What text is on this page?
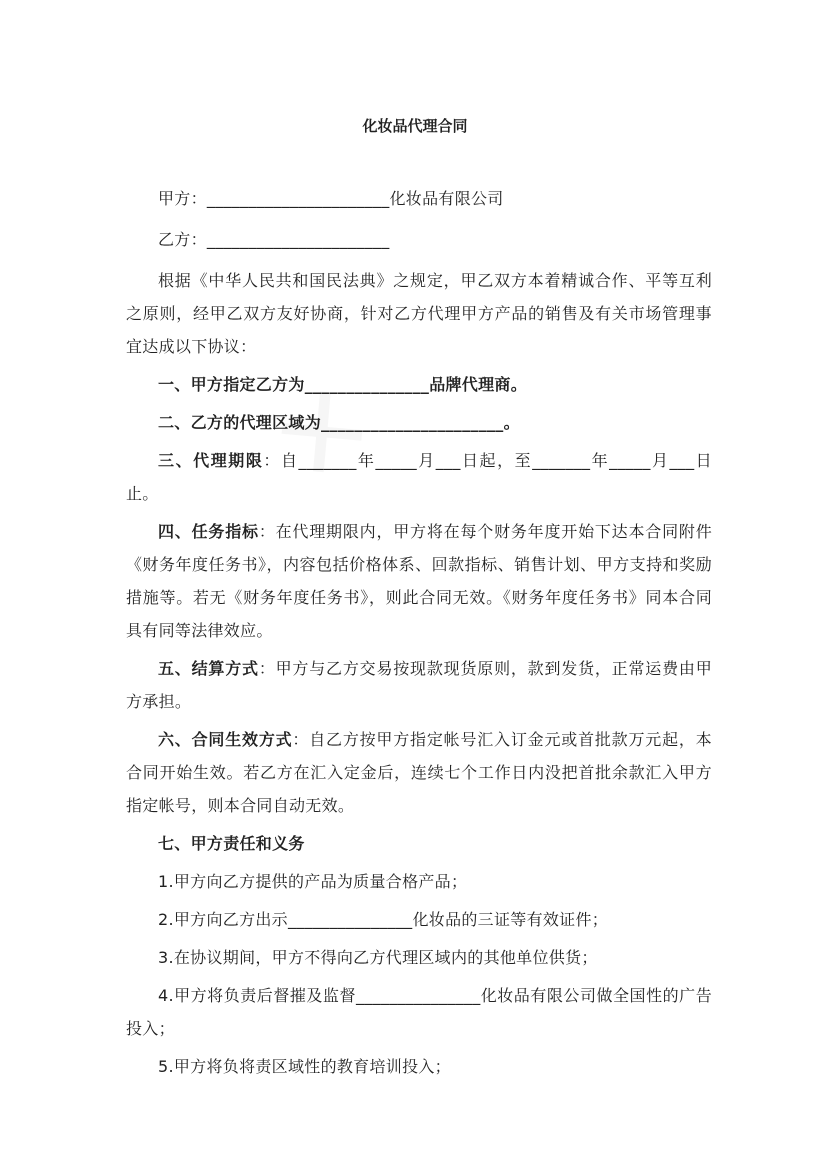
化妆品代理合同

甲方：______________________化妆品有限公司

乙方：______________________

根据《中华人民共和国民法典》之规定，甲乙双方本着精诚合作、平等互利之原则，经甲乙双方友好协商，针对乙方代理甲方产品的销售及有关市场管理事宜达成以下协议：

一、甲方指定乙方为_______________品牌代理商。

二、乙方的代理区域为______________________。

三、代理期限：自_______年_____月___日起，至_______年_____月___日止。

四、任务指标：在代理期限内，甲方将在每个财务年度开始下达本合同附件《财务年度任务书》，内容包括价格体系、回款指标、销售计划、甲方支持和奖励措施等。若无《财务年度任务书》，则此合同无效。《财务年度任务书》同本合同具有同等法律效应。

五、结算方式：甲方与乙方交易按现款现货原则，款到发货，正常运费由甲方承担。

六、合同生效方式：自乙方按甲方指定帐号汇入订金元或首批款万元起，本合同开始生效。若乙方在汇入定金后，连续七个工作日内没把首批余款汇入甲方指定帐号，则本合同自动无效。

七、甲方责任和义务

1.甲方向乙方提供的产品为质量合格产品；

2.甲方向乙方出示_______________化妆品的三证等有效证件；

3.在协议期间，甲方不得向乙方代理区域内的其他单位供货；

4.甲方将负责后督摧及监督_______________化妆品有限公司做全国性的广告投入；

5.甲方将负将责区域性的教育培训投入；
